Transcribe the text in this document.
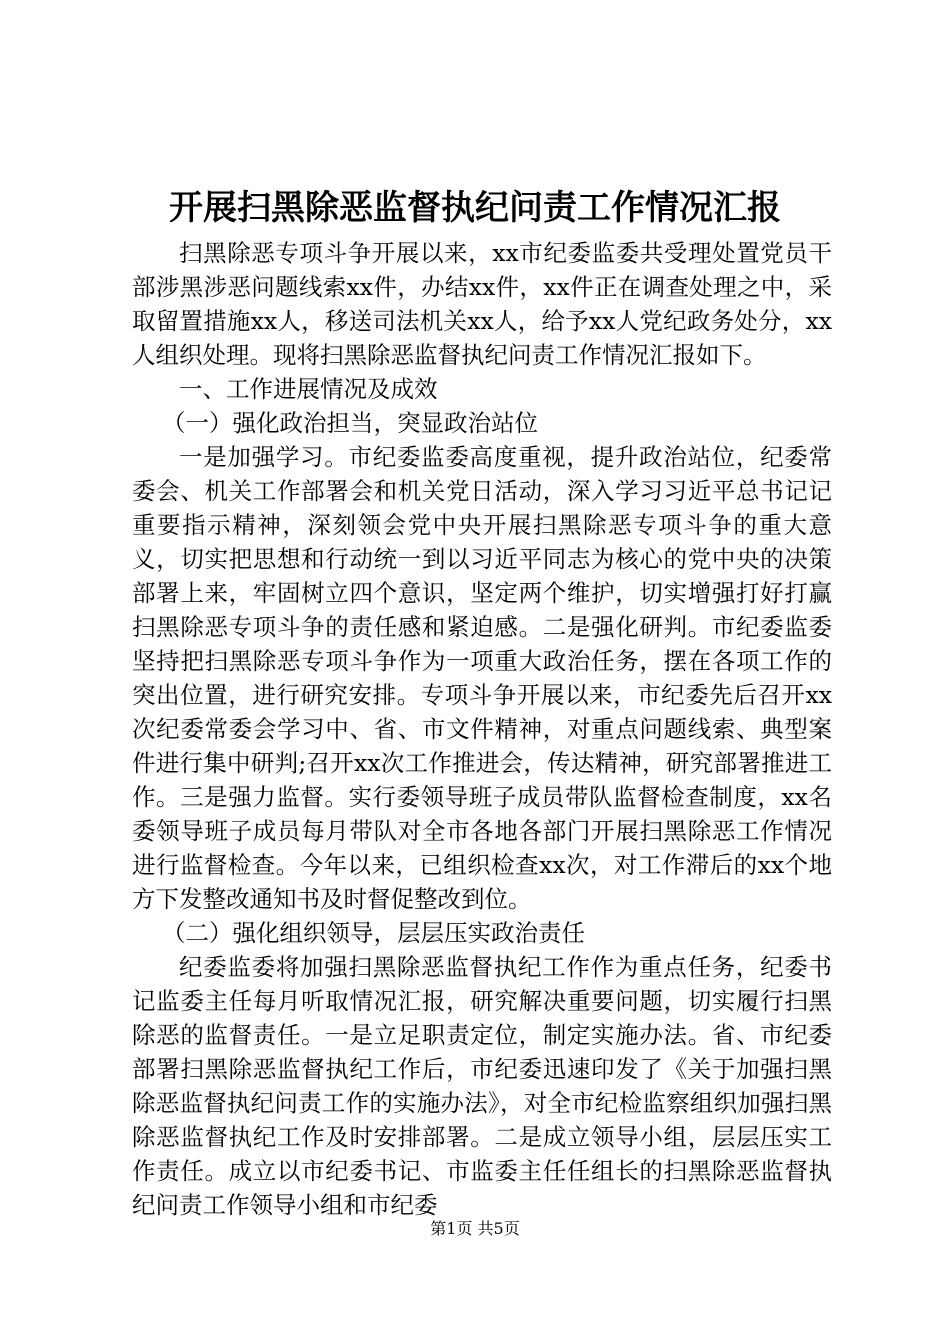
开展扫黑除恶监督执纪问责工作情况汇报

扫黑除恶专项斗争开展以来，xx市纪委监委共受理处置党员干部涉黑涉恶问题线索xx件，办结xx件，xx件正在调查处理之中，采取留置措施xx人，移送司法机关xx人，给予xx人党纪政务处分，xx人组织处理。现将扫黑除恶监督执纪问责工作情况汇报如下。

一、工作进展情况及成效

（一）强化政治担当，突显政治站位

一是加强学习。市纪委监委高度重视，提升政治站位，纪委常委会、机关工作部署会和机关党日活动，深入学习习近平总书记记重要指示精神，深刻领会党中央开展扫黑除恶专项斗争的重大意义，切实把思想和行动统一到以习近平同志为核心的党中央的决策部署上来，牢固树立四个意识，坚定两个维护，切实增强打好打赢扫黑除恶专项斗争的责任感和紧迫感。二是强化研判。市纪委监委坚持把扫黑除恶专项斗争作为一项重大政治任务，摆在各项工作的突出位置，进行研究安排。专项斗争开展以来，市纪委先后召开xx次纪委常委会学习中、省、市文件精神，对重点问题线索、典型案件进行集中研判;召开xx次工作推进会，传达精神，研究部署推进工作。三是强力监督。实行委领导班子成员带队监督检查制度，xx名委领导班子成员每月带队对全市各地各部门开展扫黑除恶工作情况进行监督检查。今年以来，已组织检查xx次，对工作滞后的xx个地方下发整改通知书及时督促整改到位。

（二）强化组织领导，层层压实政治责任

纪委监委将加强扫黑除恶监督执纪工作作为重点任务，纪委书记监委主任每月听取情况汇报，研究解决重要问题，切实履行扫黑除恶的监督责任。一是立足职责定位，制定实施办法。省、市纪委部署扫黑除恶监督执纪工作后，市纪委迅速印发了《关于加强扫黑除恶监督执纪问责工作的实施办法》，对全市纪检监察组织加强扫黑除恶监督执纪工作及时安排部署。二是成立领导小组，层层压实工作责任。成立以市纪委书记、市监委主任任组长的扫黑除恶监督执纪问责工作领导小组和市纪委

第1页 共5页
